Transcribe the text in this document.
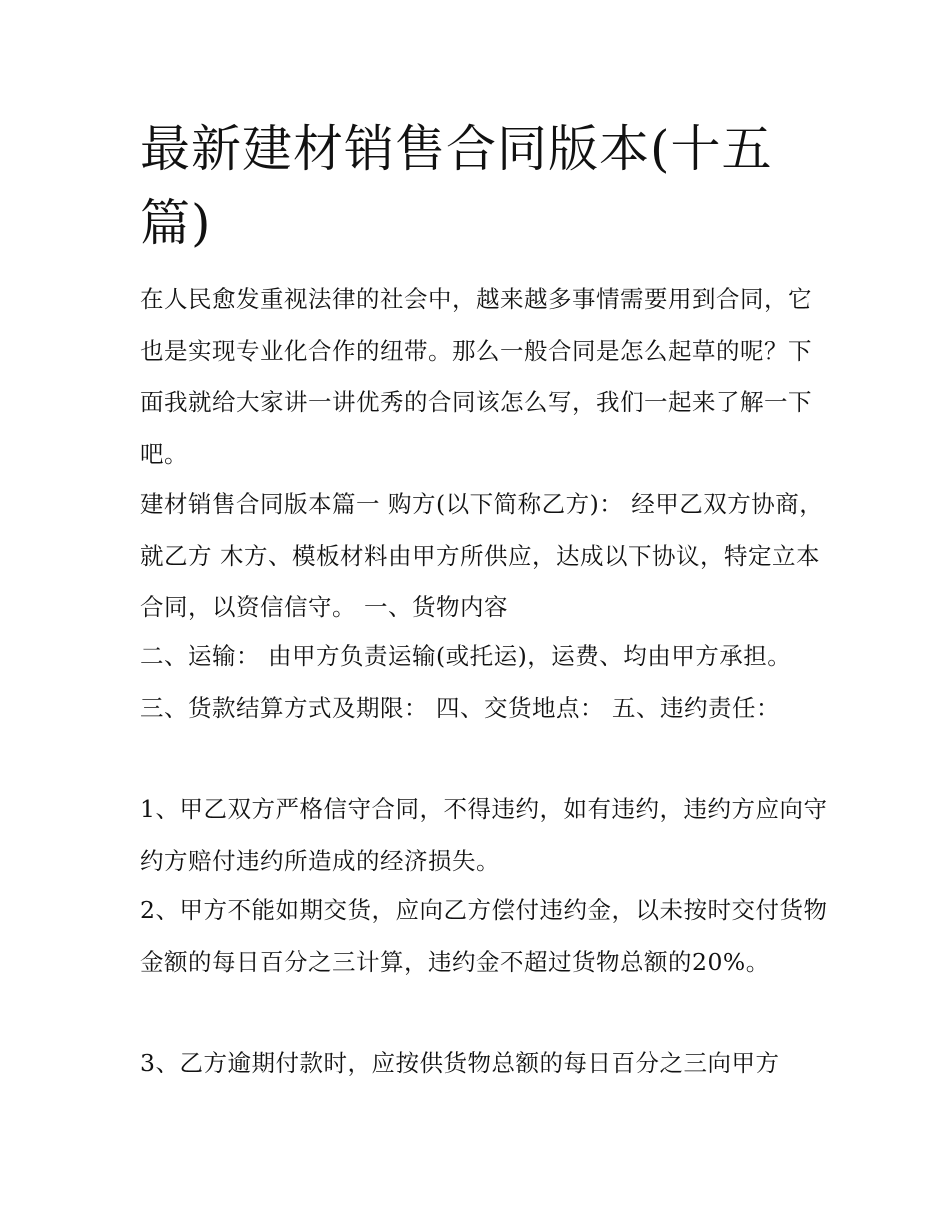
最新建材销售合同版本(十五篇)

在人民愈发重视法律的社会中，越来越多事情需要用到合同，它也是实现专业化合作的纽带。那么一般合同是怎么起草的呢？下面我就给大家讲一讲优秀的合同该怎么写，我们一起来了解一下吧。

建材销售合同版本篇一 购方(以下简称乙方)： 经甲乙双方协商，就乙方 木方、模板材料由甲方所供应，达成以下协议，特定立本合同，以资信信守。 一、货物内容

二、运输： 由甲方负责运输(或托运)，运费、均由甲方承担。 三、货款结算方式及期限： 四、交货地点： 五、违约责任：

1、甲乙双方严格信守合同，不得违约，如有违约，违约方应向守约方赔付违约所造成的经济损失。

2、甲方不能如期交货，应向乙方偿付违约金，以未按时交付货物金额的每日百分之三计算，违约金不超过货物总额的20%。

3、乙方逾期付款时，应按供货物总额的每日百分之三向甲方
